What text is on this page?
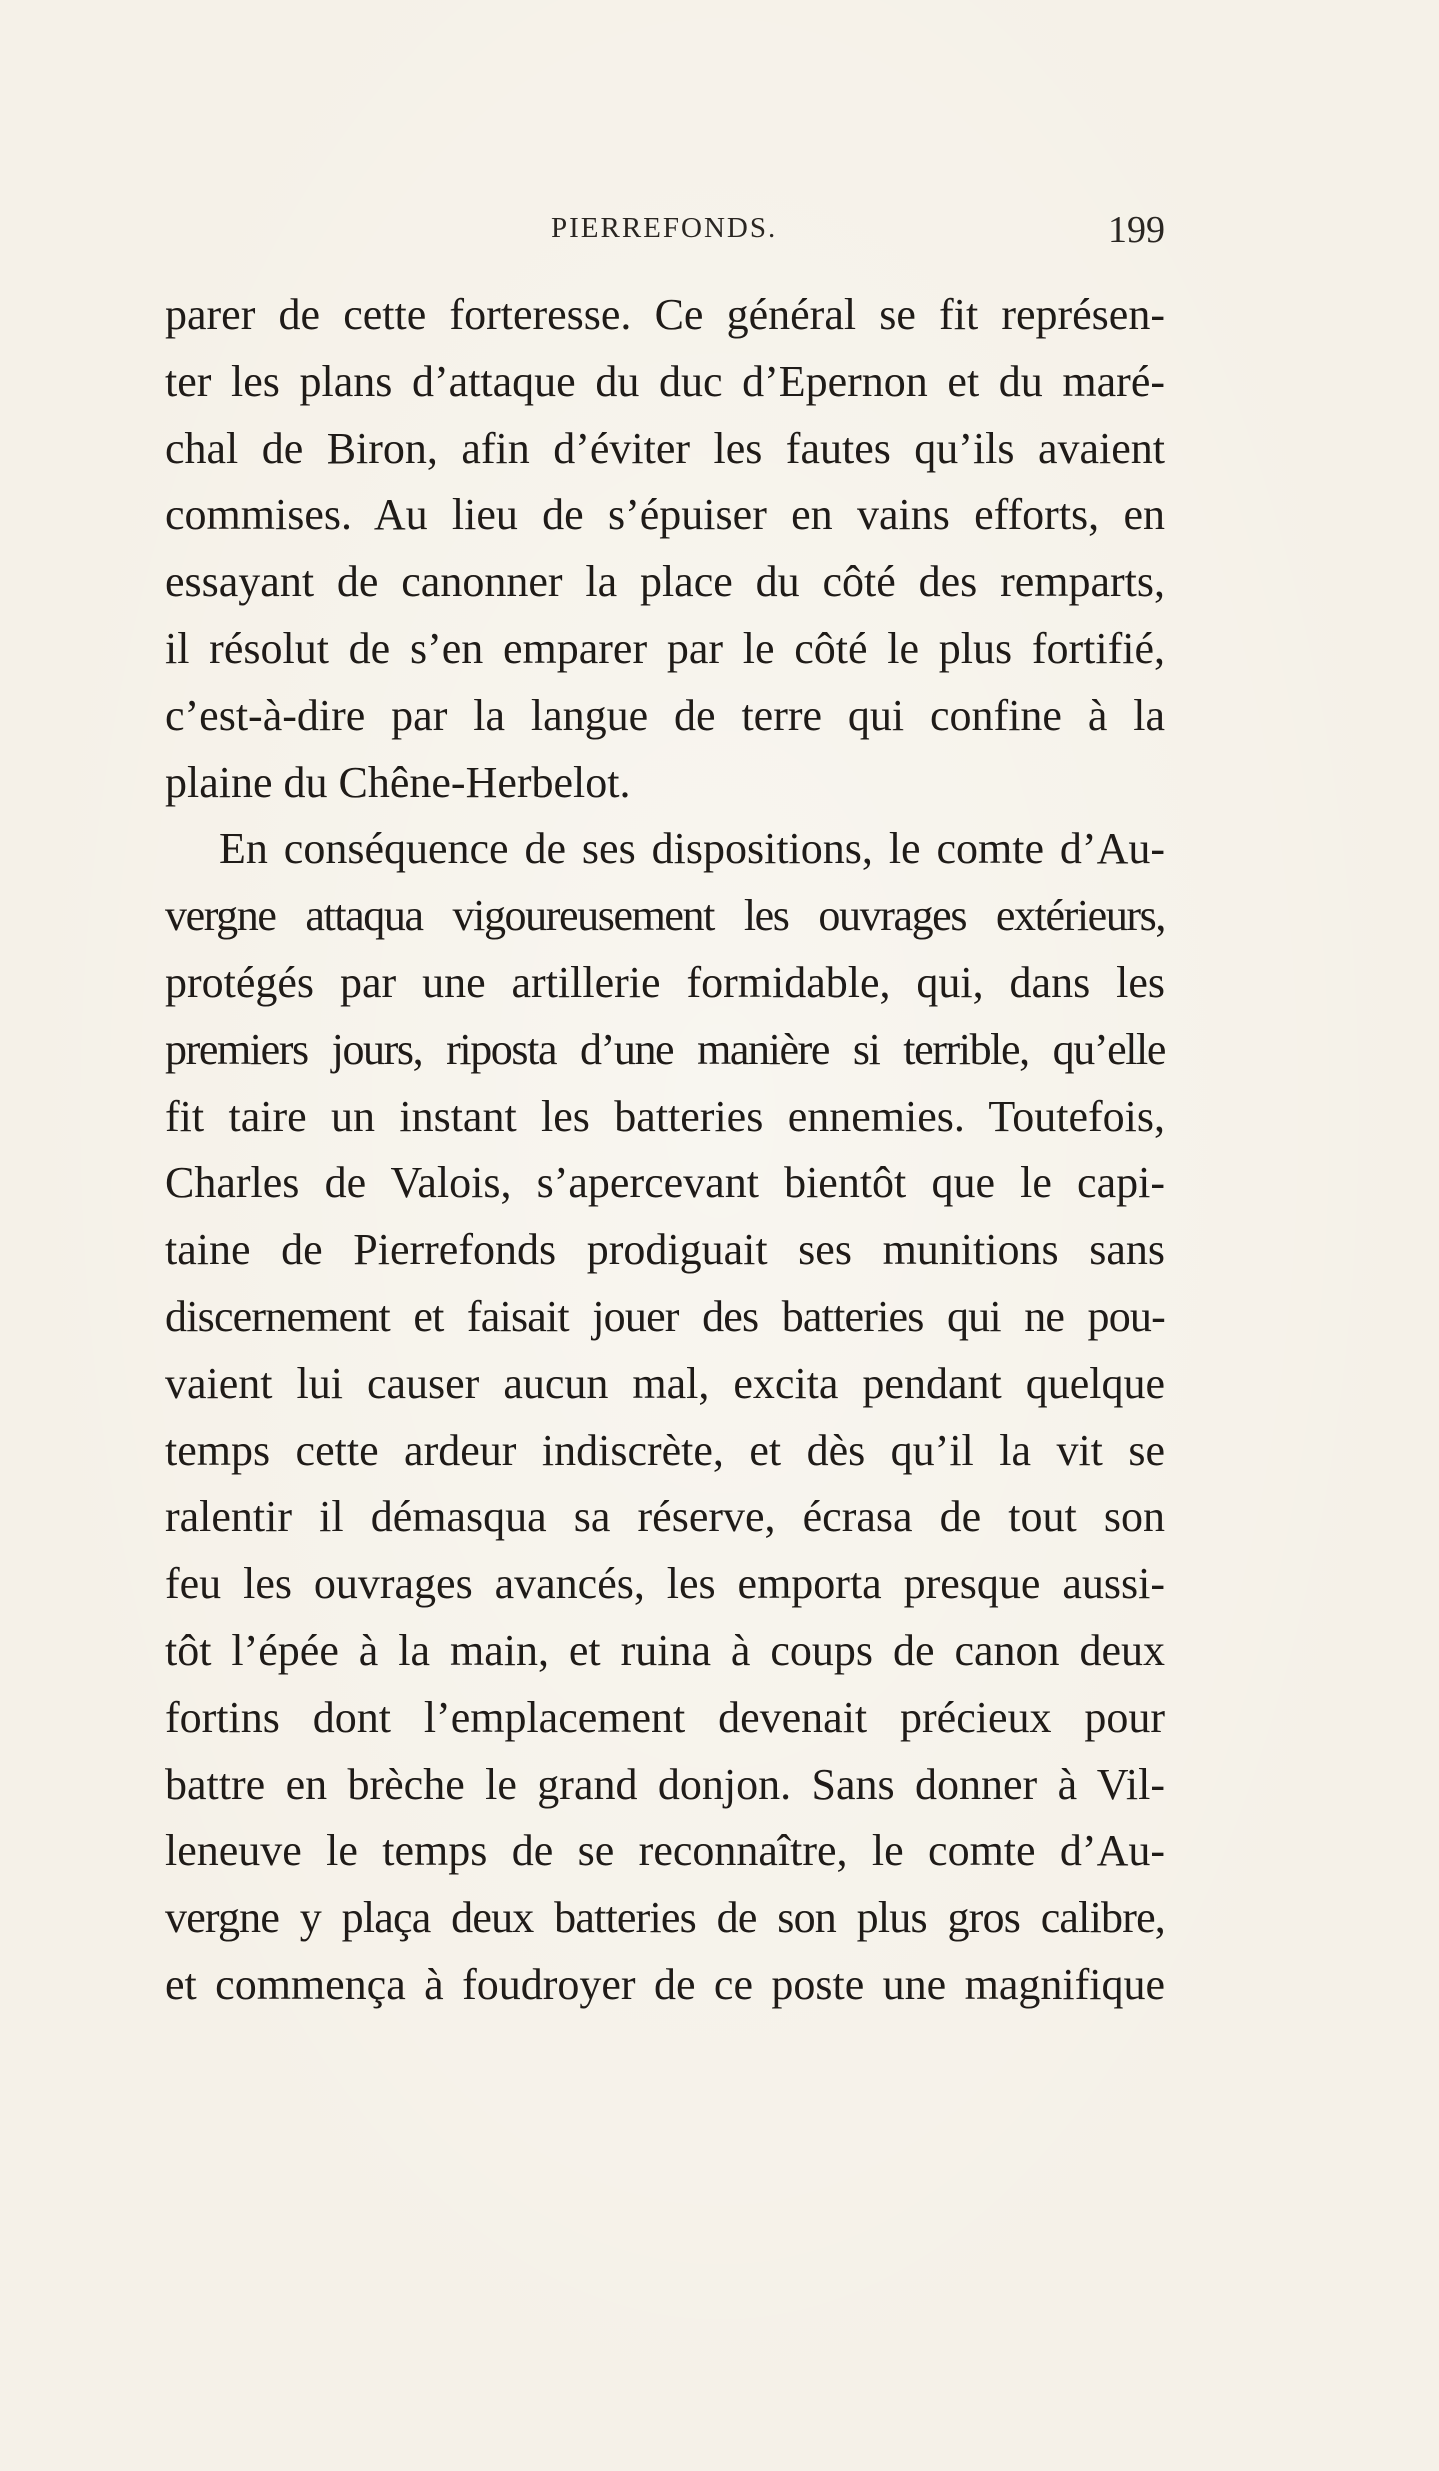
PIERREFONDS.	199
parer de cette forteresse. Ce général se fit représen-
ter les plans d’attaque du duc d’Epernon et du maré-
chal de Biron, afin d’éviter les fautes qu’ils avaient
commises. Au lieu de s’épuiser en vains efforts, en
essayant de canonner la place du côté des remparts,
il résolut de s’en emparer par le côté le plus fortifié,
c’est-à-dire par la langue de terre qui confine à la
plaine du Chêne-Herbelot.
En conséquence de ses dispositions, le comte d’Au-
vergne attaqua vigoureusement les ouvrages extérieurs,
protégés par une artillerie formidable, qui, dans les
premiers jours, riposta d’une manière si terrible, qu’elle
fit taire un instant les batteries ennemies. Toutefois,
Charles de Valois, s’apercevant bientôt que le capi-
taine de Pierrefonds prodiguait ses munitions sans
discernement et faisait jouer des batteries qui ne pou-
vaient lui causer aucun mal, excita pendant quelque
temps cette ardeur indiscrète, et dès qu’il la vit se
ralentir il démasqua sa réserve, écrasa de tout son
feu les ouvrages avancés, les emporta presque aussi-
tôt l’épée à la main, et ruina à coups de canon deux
fortins dont l’emplacement devenait précieux pour
battre en brèche le grand donjon. Sans donner à Vil-
leneuve le temps de se reconnaître, le comte d’Au-
vergne y plaça deux batteries de son plus gros calibre,
et commença à foudroyer de ce poste une magnifique
